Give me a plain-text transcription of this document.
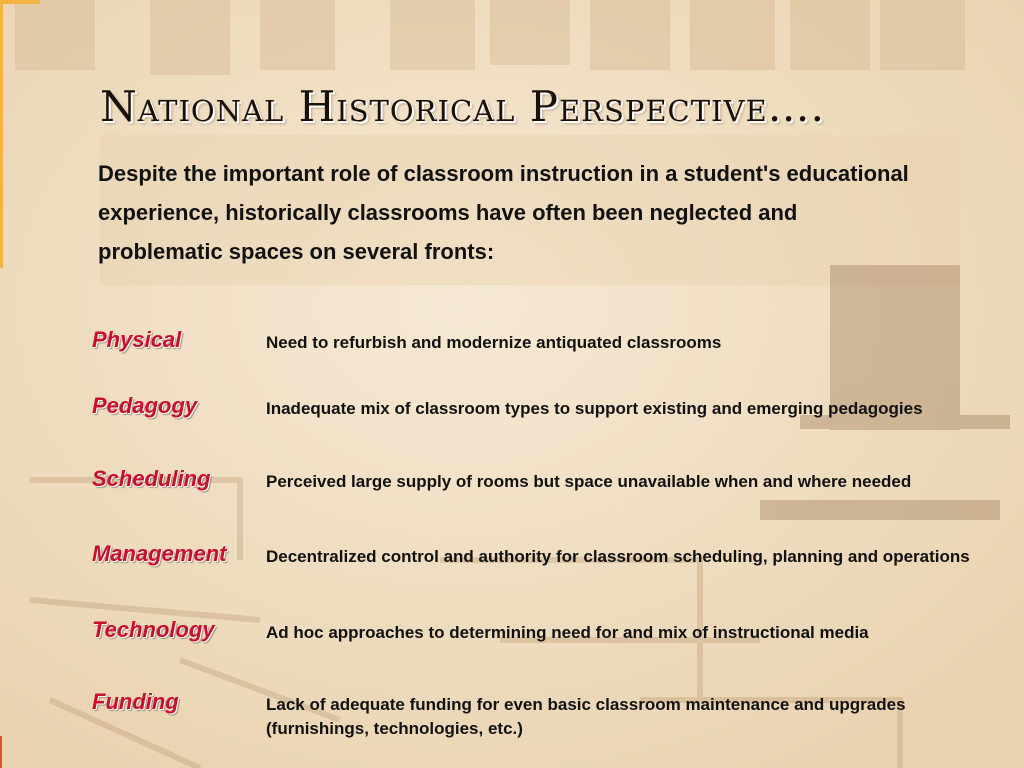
National Historical Perspective….
Despite the important role of classroom instruction in a student's educational experience, historically classrooms have often been neglected and problematic spaces on several fronts:
Physical	Need to refurbish and modernize antiquated classrooms
Pedagogy	Inadequate mix of classroom types to support existing and emerging pedagogies
Scheduling	Perceived large supply of rooms but space unavailable when and where needed
Management Decentralized control and authority for classroom scheduling, planning and operations
Technology	Ad hoc approaches to determining need for and mix of instructional media
Funding	Lack of adequate funding for even basic classroom maintenance and upgrades (furnishings, technologies, etc.)
